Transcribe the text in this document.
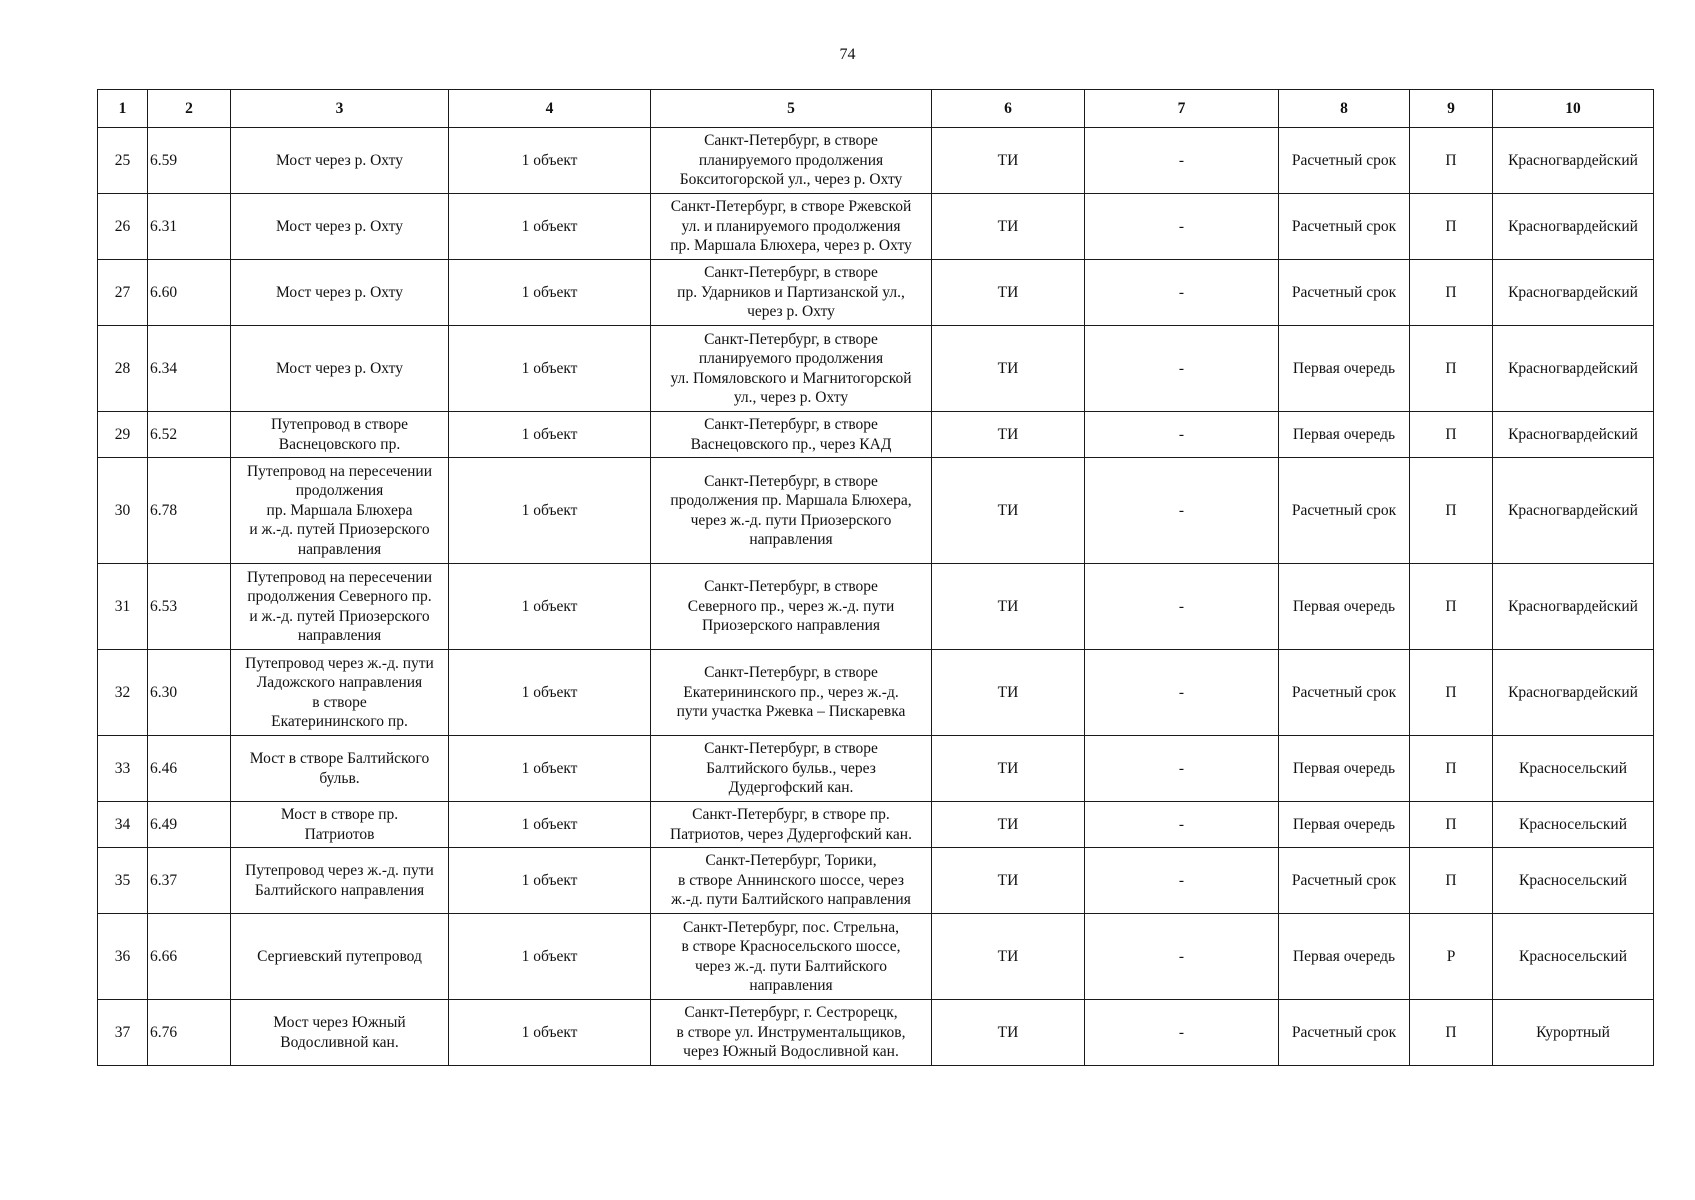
74
1	2	3	4	5	6	7	8	9	10
25	6.59	Мост через р. Охту	1 объект	Санкт-Петербург, в створе
планируемого продолжения
Бокситогорской ул., через р. Охту	ТИ	-	Расчетный срок	П	Красногвардейский
26	6.31	Мост через р. Охту	1 объект	Санкт-Петербург, в створе Ржевской
ул. и планируемого продолжения
пр. Маршала Блюхера, через р. Охту	ТИ	-	Расчетный срок	П	Красногвардейский
27	6.60	Мост через р. Охту	1 объект	Санкт-Петербург, в створе
пр. Ударников и Партизанской ул.,
через р. Охту	ТИ	-	Расчетный срок	П	Красногвардейский
28	6.34	Мост через р. Охту	1 объект	Санкт-Петербург, в створе
планируемого продолжения
ул. Помяловского и Магнитогорской
ул., через р. Охту	ТИ	-	Первая очередь	П	Красногвардейский
29	6.52	Путепровод в створе
Васнецовского пр.	1 объект	Санкт-Петербург, в створе
Васнецовского пр., через КАД	ТИ	-	Первая очередь	П	Красногвардейский
30	6.78	Путепровод на пересечении
продолжения
пр. Маршала Блюхера
и ж.-д. путей Приозерского
направления	1 объект	Санкт-Петербург, в створе
продолжения пр. Маршала Блюхера,
через ж.-д. пути Приозерского
направления	ТИ	-	Расчетный срок	П	Красногвардейский
31	6.53	Путепровод на пересечении
продолжения Северного пр.
и ж.-д. путей Приозерского
направления	1 объект	Санкт-Петербург, в створе
Северного пр., через ж.-д. пути
Приозерского направления	ТИ	-	Первая очередь	П	Красногвардейский
32	6.30	Путепровод через ж.-д. пути
Ладожского направления
в створе
Екатерининского пр.	1 объект	Санкт-Петербург, в створе
Екатерининского пр., через ж.-д.
пути участка Ржевка – Пискаревка	ТИ	-	Расчетный срок	П	Красногвардейский
33	6.46	Мост в створе Балтийского
бульв.	1 объект	Санкт-Петербург, в створе
Балтийского бульв., через
Дудергофский кан.	ТИ	-	Первая очередь	П	Красносельский
34	6.49	Мост в створе пр.
Патриотов	1 объект	Санкт-Петербург, в створе пр.
Патриотов, через Дудергофский кан.	ТИ	-	Первая очередь	П	Красносельский
35	6.37	Путепровод через ж.-д. пути
Балтийского направления	1 объект	Санкт-Петербург, Торики,
в створе Аннинского шоссе, через
ж.-д. пути Балтийского направления	ТИ	-	Расчетный срок	П	Красносельский
36	6.66	Сергиевский путепровод	1 объект	Санкт-Петербург, пос. Стрельна,
в створе Красносельского шоссе,
через ж.-д. пути Балтийского
направления	ТИ	-	Первая очередь	Р	Красносельский
37	6.76	Мост через Южный
Водосливной кан.	1 объект	Санкт-Петербург, г. Сестрорецк,
в створе ул. Инструментальщиков,
через Южный Водосливной кан.	ТИ	-	Расчетный срок	П	Курортный
